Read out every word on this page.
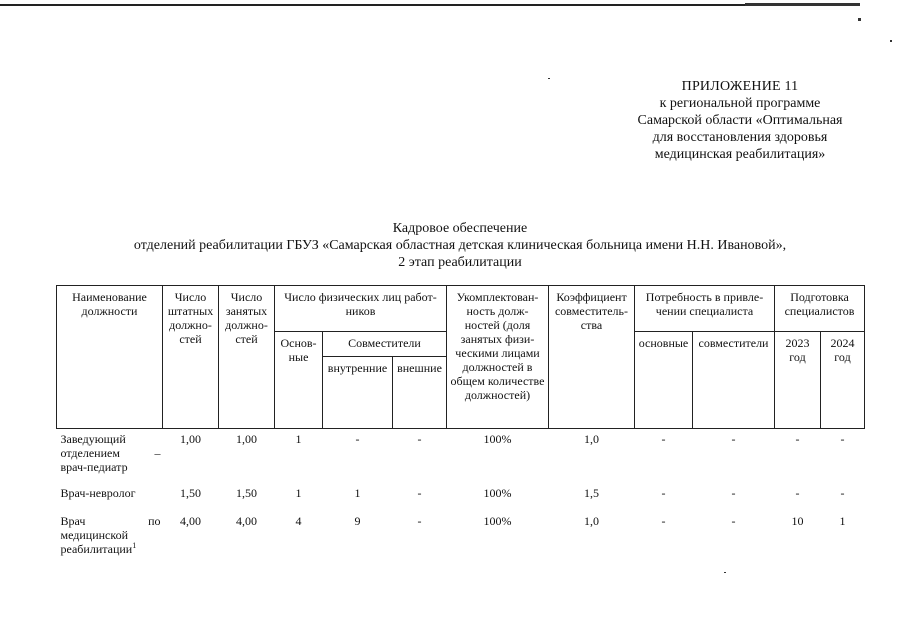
ПРИЛОЖЕНИЕ 11
к региональной программе
Самарской области «Оптимальная
для восстановления здоровья
медицинская реабилитация»
Кадровое обеспечение
отделений реабилитации ГБУЗ «Самарская областная детская клиническая больница имени Н.Н. Ивановой»,
2 этап реабилитации
Наименование должности	Число штатных должно-стей	Число занятых должно-стей	Число физических лиц работ-ников			Укомплектован-ность долж-ностей (доля занятых физи-ческими лицами должностей в общем количестве должностей)	Коэффициент совместитель-ства	Потребность в привле-чении специалиста		Подготовка специалистов	
			Основ-ные	Совместители				основные	совместители	2023 год	2024 год
				внутренние	внешние						
Заведующий

отделением –
врач-педиатр	1,00	1,00	1	-	-	100%	1,0	-	-	-	-
Врач-невролог	1,50	1,50	1	1	-	100%	1,5	-	-	-	-

Врач по
медицинской
реабилитации$^1$	4,00	4,00	4	9	-	100%	1,0	-	-	10	1
